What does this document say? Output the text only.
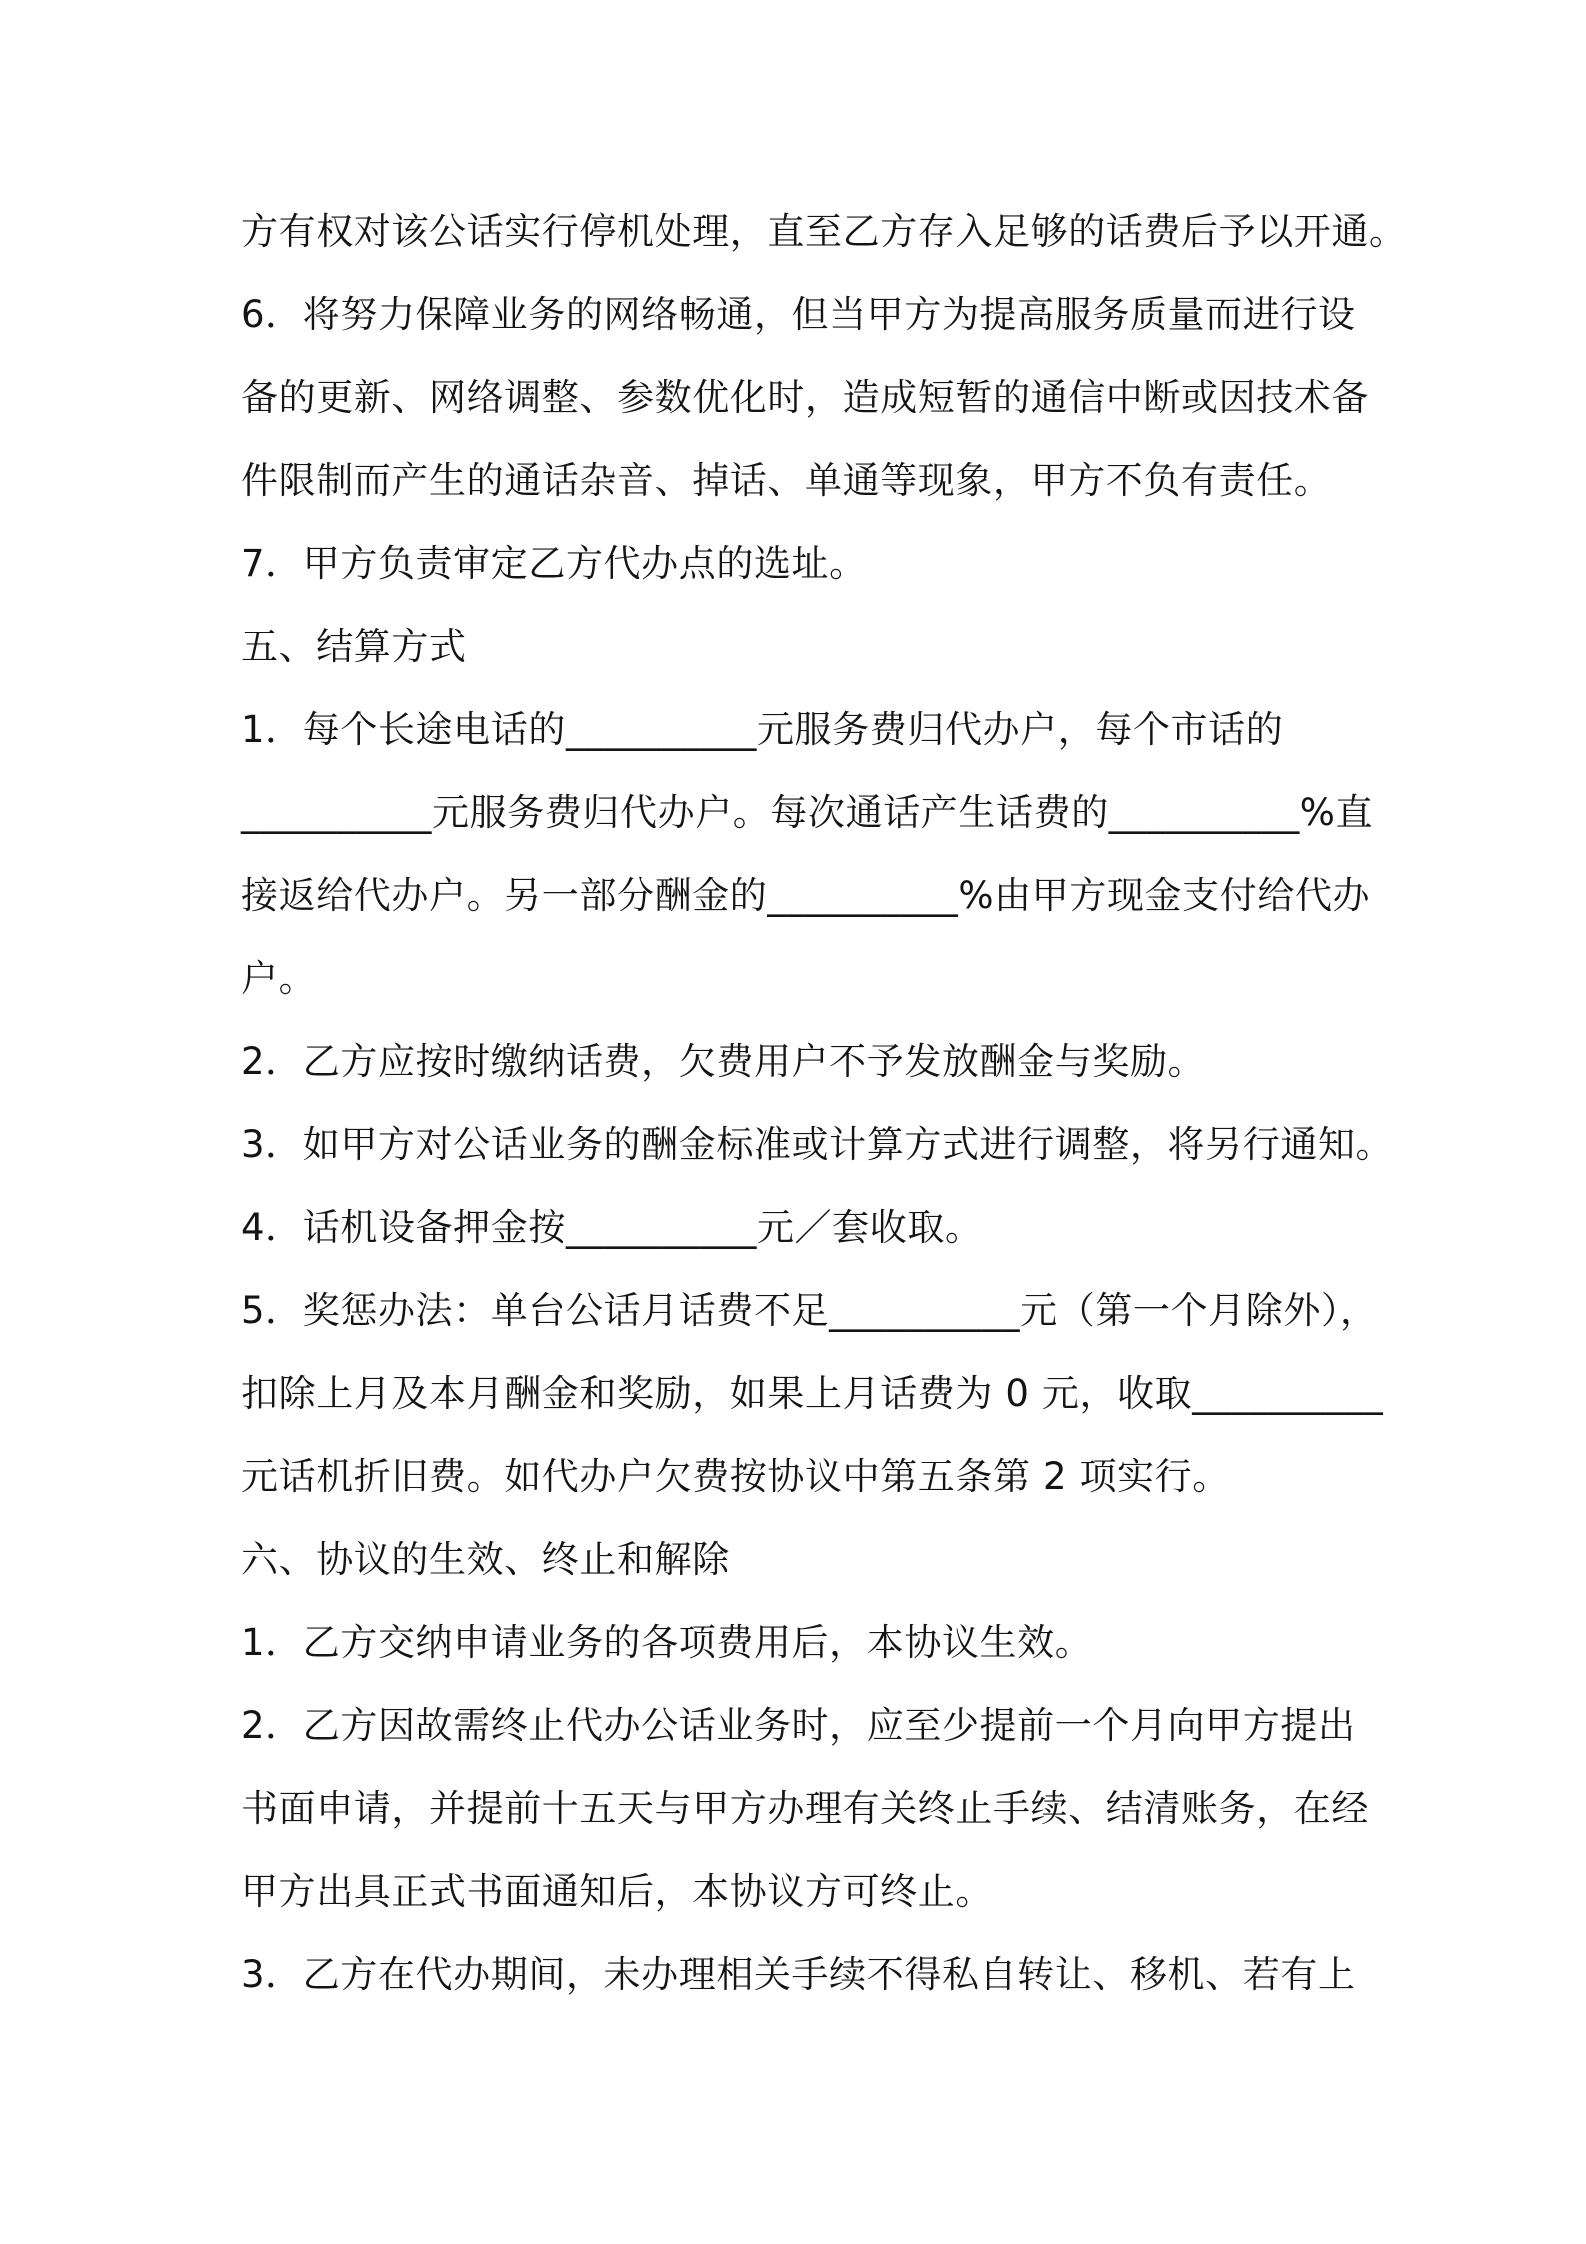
方有权对该公话实行停机处理，直至乙方存入足够的话费后予以开通。
6．将努力保障业务的网络畅通，但当甲方为提高服务质量而进行设
备的更新、网络调整、参数优化时，造成短暂的通信中断或因技术备
件限制而产生的通话杂音、掉话、单通等现象，甲方不负有责任。
7．甲方负责审定乙方代办点的选址。
五、结算方式
1．每个长途电话的__________元服务费归代办户，每个市话的
__________元服务费归代办户。每次通话产生话费的__________%直
接返给代办户。另一部分酬金的__________%由甲方现金支付给代办
户。
2．乙方应按时缴纳话费，欠费用户不予发放酬金与奖励。
3．如甲方对公话业务的酬金标准或计算方式进行调整，将另行通知。
4．话机设备押金按__________元／套收取。
5．奖惩办法：单台公话月话费不足__________元（第一个月除外），
扣除上月及本月酬金和奖励，如果上月话费为 0 元，收取__________
元话机折旧费。如代办户欠费按协议中第五条第 2 项实行。
六、协议的生效、终止和解除
1．乙方交纳申请业务的各项费用后，本协议生效。
2．乙方因故需终止代办公话业务时，应至少提前一个月向甲方提出
书面申请，并提前十五天与甲方办理有关终止手续、结清账务，在经
甲方出具正式书面通知后，本协议方可终止。
3．乙方在代办期间，未办理相关手续不得私自转让、移机、若有上
